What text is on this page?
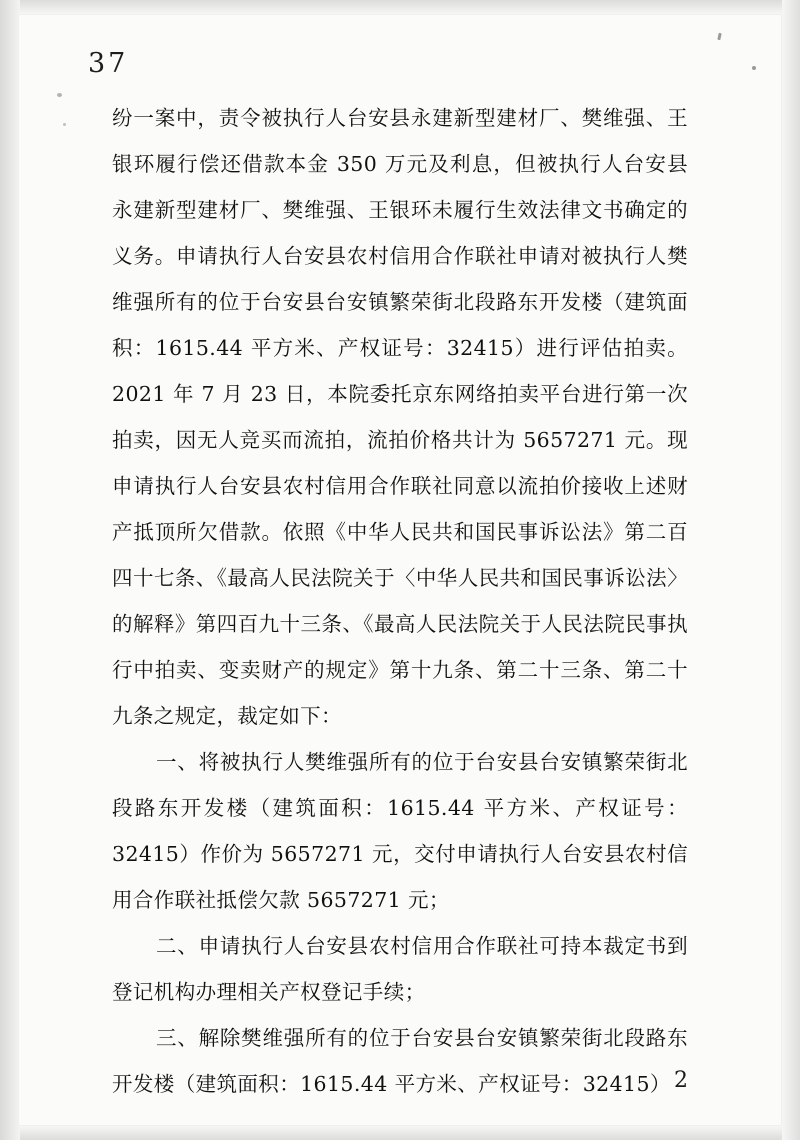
37

纷一案中，责令被执行人台安县永建新型建材厂、樊维强、王银环履行偿还借款本金 350 万元及利息，但被执行人台安县永建新型建材厂、樊维强、王银环未履行生效法律文书确定的义务。申请执行人台安县农村信用合作联社申请对被执行人樊维强所有的位于台安县台安镇繁荣街北段路东开发楼（建筑面积：1615.44 平方米、产权证号：32415）进行评估拍卖。2021 年 7 月 23 日，本院委托京东网络拍卖平台进行第一次拍卖，因无人竞买而流拍，流拍价格共计为 5657271 元。现申请执行人台安县农村信用合作联社同意以流拍价接收上述财产抵顶所欠借款。依照《中华人民共和国民事诉讼法》第二百四十七条、《最高人民法院关于〈中华人民共和国民事诉讼法〉的解释》第四百九十三条、《最高人民法院关于人民法院民事执行中拍卖、变卖财产的规定》第十九条、第二十三条、第二十九条之规定，裁定如下：

一、将被执行人樊维强所有的位于台安县台安镇繁荣街北段路东开发楼（建筑面积：1615.44 平方米、产权证号：32415）作价为 5657271 元，交付申请执行人台安县农村信用合作联社抵偿欠款 5657271 元；

二、申请执行人台安县农村信用合作联社可持本裁定书到登记机构办理相关产权登记手续；

三、解除樊维强所有的位于台安县台安镇繁荣街北段路东开发楼（建筑面积：1615.44 平方米、产权证号：32415） 2
